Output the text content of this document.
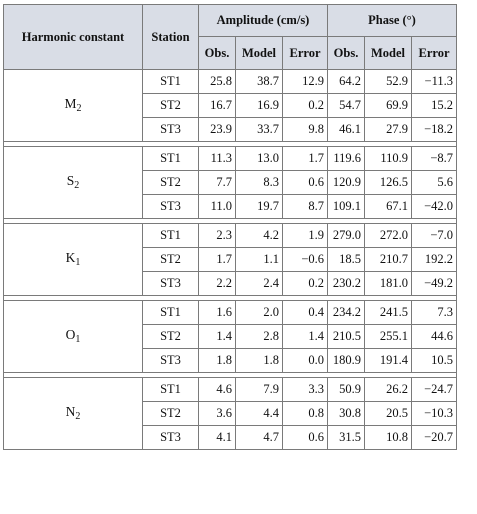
Harmonic constant	Station	Amplitude (cm/s)			Phase (°)		
		Obs.	Model	Error	Obs.	Model	Error
$M_2$	ST1	25.8	38.7	12.9	64.2	52.9	−11.3
	ST2	16.7	16.9	0.2	54.7	69.9	15.2
	ST3	23.9	33.7	9.8	46.1	27.9	−18.2

$S_2$	ST1	11.3	13.0	1.7	119.6	110.9	−8.7
	ST2	7.7	8.3	0.6	120.9	126.5	5.6
	ST3	11.0	19.7	8.7	109.1	67.1	−42.0

$K_1$	ST1	2.3	4.2	1.9	279.0	272.0	−7.0
	ST2	1.7	1.1	−0.6	18.5	210.7	192.2
	ST3	2.2	2.4	0.2	230.2	181.0	−49.2

$O_1$	ST1	1.6	2.0	0.4	234.2	241.5	7.3
	ST2	1.4	2.8	1.4	210.5	255.1	44.6
	ST3	1.8	1.8	0.0	180.9	191.4	10.5

$N_2$	ST1	4.6	7.9	3.3	50.9	26.2	−24.7
	ST2	3.6	4.4	0.8	30.8	20.5	−10.3
	ST3	4.1	4.7	0.6	31.5	10.8	−20.7
